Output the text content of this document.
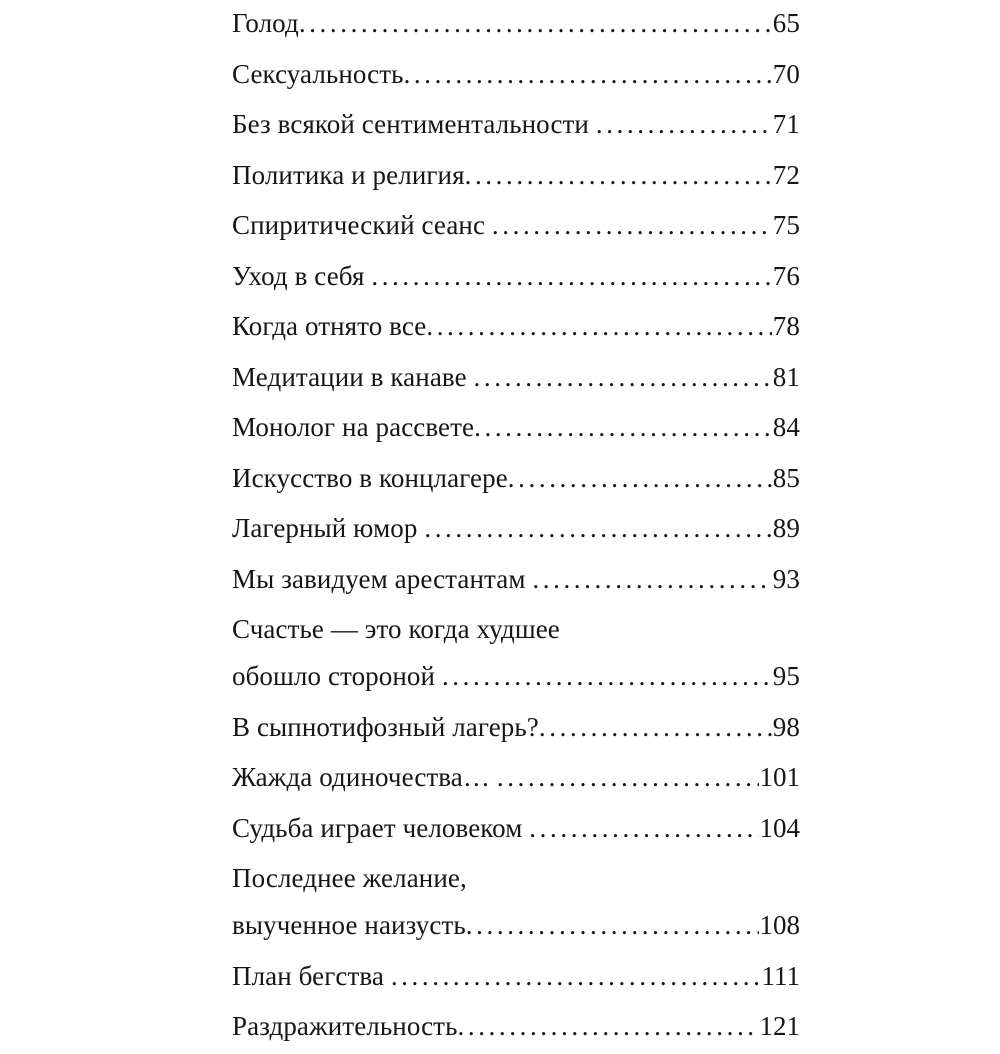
Голод .....	65
Сексуальность .....	70
Без всякой сентиментальности .....	71
Политика и религия .....	72
Спиритический сеанс .....	75
Уход в себя .....	76
Когда отнято все .....	78
Медитации в канаве .....	81
Монолог на рассвете .....	84
Искусство в концлагере .....	85
Лагерный юмор .....	89
Мы завидуем арестантам .....	93
Счастье — это когда худшее
обошло стороной .....	95
В сыпнотифозный лагерь? .....	98
Жажда одиночества… .....	101
Судьба играет человеком .....	104
Последнее желание,
выученное наизусть .....	108
План бегства .....	111
Раздражительность .....	121
